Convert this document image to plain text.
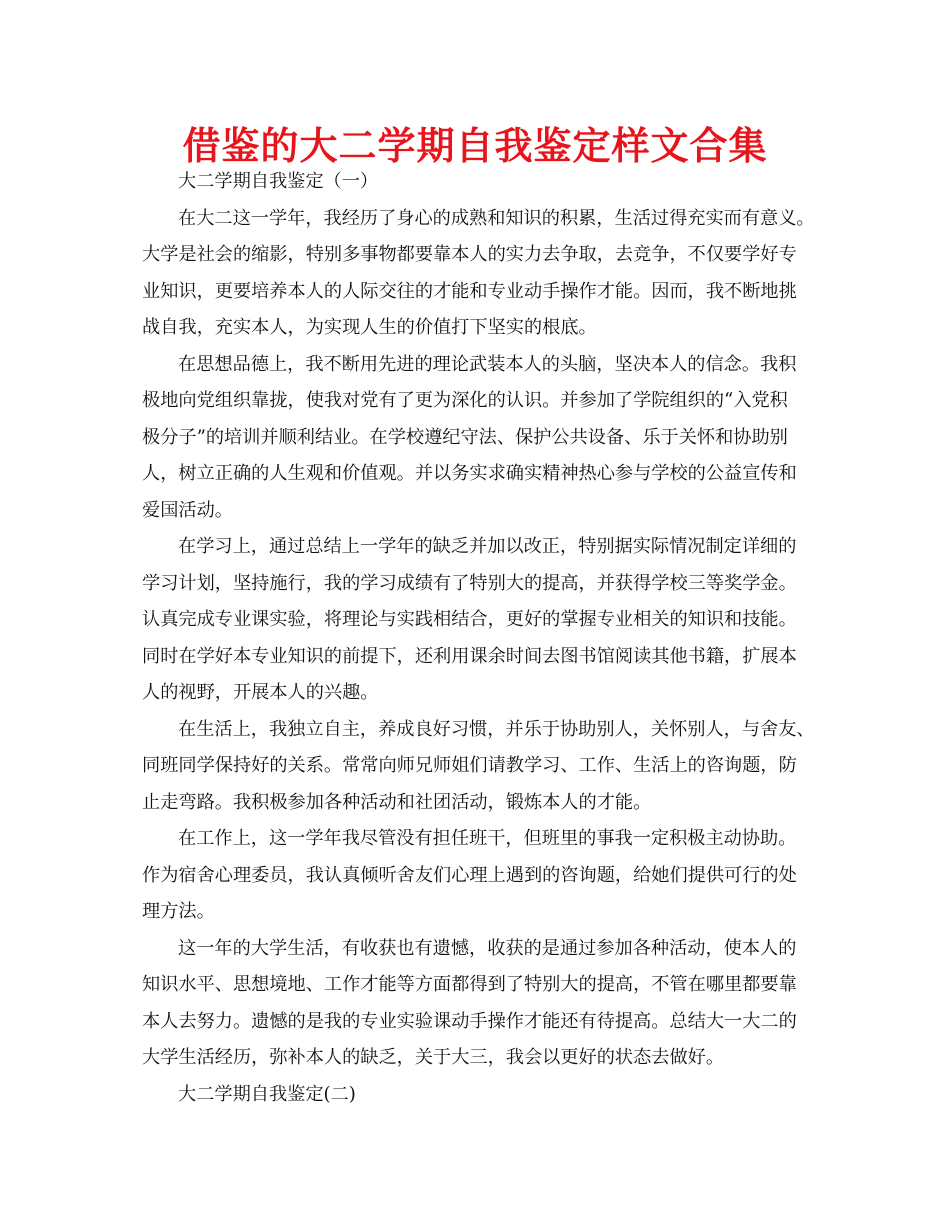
借鉴的大二学期自我鉴定样文合集
大二学期自我鉴定（一）
在大二这一学年，我经历了身心的成熟和知识的积累，生活过得充实而有意义。
大学是社会的缩影，特别多事物都要靠本人的实力去争取，去竞争，不仅要学好专
业知识，更要培养本人的人际交往的才能和专业动手操作才能。因而，我不断地挑
战自我，充实本人，为实现人生的价值打下坚实的根底。
在思想品德上，我不断用先进的理论武装本人的头脑，坚决本人的信念。我积
极地向党组织靠拢，使我对党有了更为深化的认识。并参加了学院组织的“入党积
极分子”的培训并顺利结业。在学校遵纪守法、保护公共设备、乐于关怀和协助别
人，树立正确的人生观和价值观。并以务实求确实精神热心参与学校的公益宣传和
爱国活动。
在学习上，通过总结上一学年的缺乏并加以改正，特别据实际情况制定详细的
学习计划，坚持施行，我的学习成绩有了特别大的提高，并获得学校三等奖学金。
认真完成专业课实验，将理论与实践相结合，更好的掌握专业相关的知识和技能。
同时在学好本专业知识的前提下，还利用课余时间去图书馆阅读其他书籍，扩展本
人的视野，开展本人的兴趣。
在生活上，我独立自主，养成良好习惯，并乐于协助别人，关怀别人，与舍友、
同班同学保持好的关系。常常向师兄师姐们请教学习、工作、生活上的咨询题，防
止走弯路。我积极参加各种活动和社团活动，锻炼本人的才能。
在工作上，这一学年我尽管没有担任班干，但班里的事我一定积极主动协助。
作为宿舍心理委员，我认真倾听舍友们心理上遇到的咨询题，给她们提供可行的处
理方法。
这一年的大学生活，有收获也有遗憾，收获的是通过参加各种活动，使本人的
知识水平、思想境地、工作才能等方面都得到了特别大的提高，不管在哪里都要靠
本人去努力。遗憾的是我的专业实验课动手操作才能还有待提高。总结大一大二的
大学生活经历，弥补本人的缺乏，关于大三，我会以更好的状态去做好。
大二学期自我鉴定(二)
